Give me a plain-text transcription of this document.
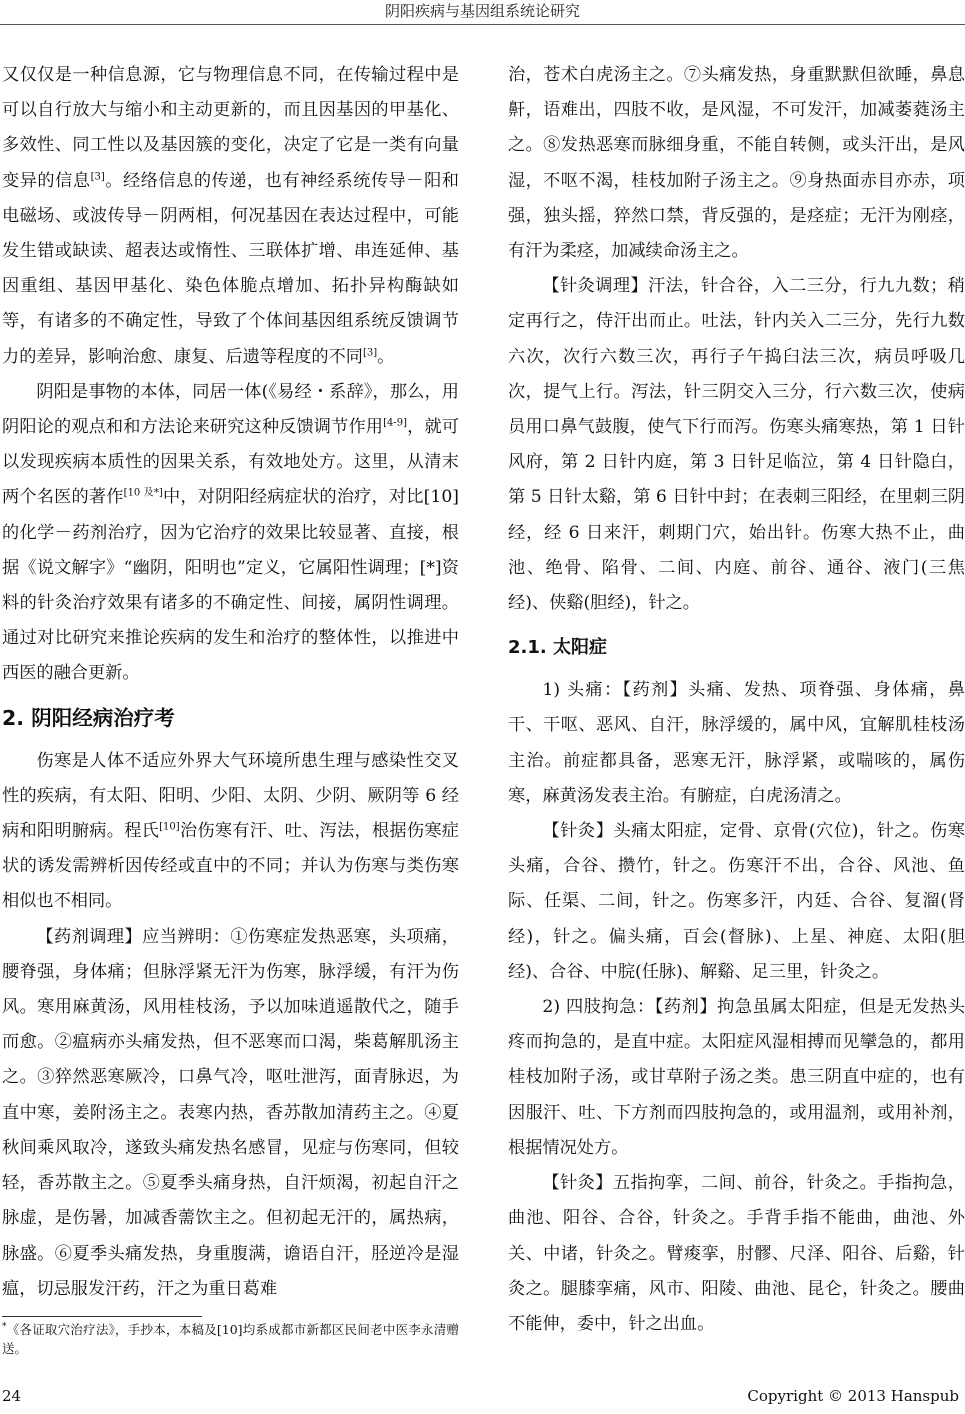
阴阳疾病与基因组系统论研究

又仅仅是一种信息源，它与物理信息不同，在传输过程中是可以自行放大与缩小和主动更新的，而且因基因的甲基化、多效性、同工性以及基因簇的变化，决定了它是一类有向量变异的信息[3]。经络信息的传递，也有神经系统传导－阳和电磁场、或波传导－阴两相，何况基因在表达过程中，可能发生错或缺读、超表达或惰性、三联体扩增、串连延伸、基因重组、基因甲基化、染色体脆点增加、拓扑异构酶缺如等，有诸多的不确定性，导致了个体间基因组系统反馈调节力的差异，影响治愈、康复、后遗等程度的不同[3]。

阴阳是事物的本体，同居一体(《易经・系辞》，那么，用阴阳论的观点和和方法论来研究这种反馈调节作用[4-9]，就可以发现疾病本质性的因果关系，有效地处方。这里，从清末两个名医的著作[10 及*]中，对阴阳经病症状的治疗，对比[10]的化学－药剂治疗，因为它治疗的效果比较显著、直接，根据《说文解字》“幽阴，阳明也”定义，它属阳性调理；[*]资料的针灸治疗效果有诸多的不确定性、间接，属阴性调理。通过对比研究来推论疾病的发生和治疗的整体性，以推进中西医的融合更新。

2. 阴阳经病治疗考

伤寒是人体不适应外界大气环境所患生理与感染性交叉性的疾病，有太阳、阳明、少阳、太阴、少阴、厥阴等 6 经病和阳明腑病。程氏[10]治伤寒有汗、吐、泻法，根据伤寒症状的诱发需辨析因传经或直中的不同；并认为伤寒与类伤寒相似也不相同。

【药剂调理】应当辨明：①伤寒症发热恶寒，头项痛，腰脊强，身体痛；但脉浮紧无汗为伤寒，脉浮缓，有汗为伤风。寒用麻黄汤，风用桂枝汤，予以加味逍遥散代之，随手而愈。②瘟病亦头痛发热，但不恶寒而口渴，柴葛解肌汤主之。③猝然恶寒厥冷，口鼻气冷，呕吐泄泻，面青脉迟，为直中寒，姜附汤主之。表寒内热，香苏散加清药主之。④夏秋间乘风取冷，遂致头痛发热名感冒，见症与伤寒同，但较轻，香苏散主之。⑤夏季头痛身热，自汗烦渴，初起自汗之脉虚，是伤暑，加减香薷饮主之。但初起无汗的，属热病，脉盛。⑥夏季头痛发热，身重腹满，谵语自汗，胫逆冷是湿瘟，切忌服发汗药，汗之为重日葛难

*《各证取穴治疗法》，手抄本，本稿及[10]均系成都市新都区民间老中医李永清赠送。

治，苍术白虎汤主之。⑦头痛发热，身重默默但欲睡，鼻息鼾，语难出，四肢不收，是风湿，不可发汗，加减萎蕤汤主之。⑧发热恶寒而脉细身重，不能自转侧，或头汗出，是风湿，不呕不渴，桂枝加附子汤主之。⑨身热面赤目亦赤，项强，独头摇，猝然口禁，背反强的，是痉症；无汗为刚痉，有汗为柔痉，加减续命汤主之。

【针灸调理】汗法，针合谷，入二三分，行九九数；稍定再行之，侍汗出而止。吐法，针内关入二三分，先行九数六次，次行六数三次，再行子午捣臼法三次，病员呼吸几次，提气上行。泻法，针三阴交入三分，行六数三次，使病员用口鼻气鼓腹，使气下行而泻。伤寒头痛寒热，第 1 日针风府，第 2 日针内庭，第 3 日针足临泣，第 4 日针隐白，第 5 日针太谿，第 6 日针中封；在表刺三阳经，在里刺三阴经，经 6 日来汗，刺期门穴，始出针。伤寒大热不止，曲池、绝骨、陷骨、二间、内庭、前谷、通谷、液门(三焦经)、侠谿(胆经)，针之。

2.1. 太阳症

1) 头痛：【药剂】头痛、发热、项脊强、身体痛，鼻干、干呕、恶风、自汗，脉浮缓的，属中风，宜解肌桂枝汤主治。前症都具备，恶寒无汗，脉浮紧，或喘咳的，属伤寒，麻黄汤发表主治。有腑症，白虎汤清之。

【针灸】头痛太阳症，定骨、京骨(穴位)，针之。伤寒头痛，合谷、攒竹，针之。伤寒汗不出，合谷、风池、鱼际、任渠、二间，针之。伤寒多汗，内廷、合谷、复溜(肾经)，针之。偏头痛，百会(督脉)、上星、神庭、太阳(胆经)、合谷、中脘(任脉)、解谿、足三里，针灸之。

2) 四肢拘急：【药剂】拘急虽属太阳症，但是无发热头疼而拘急的，是直中症。太阳症风湿相搏而见攣急的，都用桂枝加附子汤，或甘草附子汤之类。患三阴直中症的，也有因服汗、吐、下方剂而四肢拘急的，或用温剂，或用补剂，根据情况处方。

【针灸】五指拘挛，二间、前谷，针灸之。手指拘急，曲池、阳谷、合谷，针灸之。手背手指不能曲，曲池、外关、中诸，针灸之。臂痠挛，肘髎、尺泽、阳谷、后谿，针灸之。腿膝挛痛，风市、阳陵、曲池、昆仑，针灸之。腰曲不能伸，委中，针之出血。

24	Copyright © 2013 Hanspub
